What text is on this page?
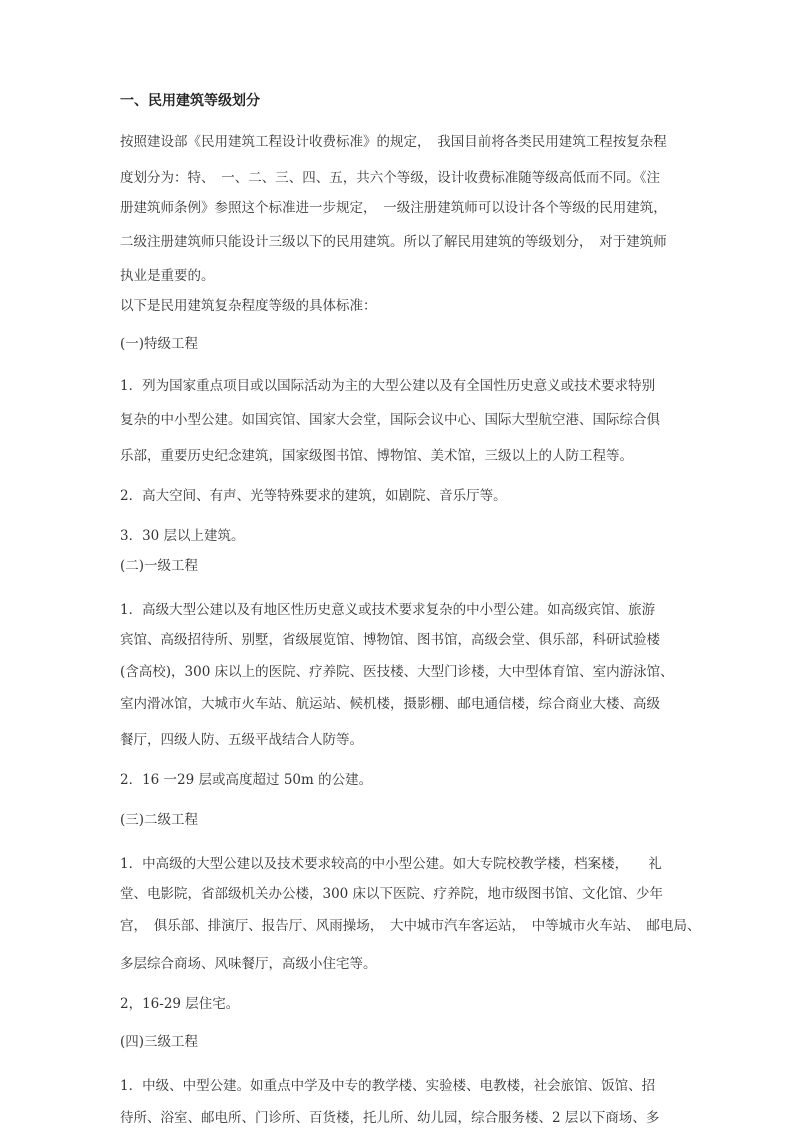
一、民用建筑等级划分
按照建设部《民用建筑工程设计收费标准》的规定，　我国目前将各类民用建筑工程按复杂程
度划分为：特、　一、二、三、四、五，共六个等级，设计收费标准随等级高低而不同。《注
册建筑师条例》参照这个标准进一步规定，　一级注册建筑师可以设计各个等级的民用建筑，
二级注册建筑师只能设计三级以下的民用建筑。所以了解民用建筑的等级划分，　对于建筑师
执业是重要的。
以下是民用建筑复杂程度等级的具体标准：
(一)特级工程
1．列为国家重点项目或以国际活动为主的大型公建以及有全国性历史意义或技术要求特别
复杂的中小型公建。如国宾馆、国家大会堂，国际会议中心、国际大型航空港、国际综合俱
乐部，重要历史纪念建筑，国家级图书馆、博物馆、美术馆，三级以上的人防工程等。
2．高大空间、有声、光等特殊要求的建筑，如剧院、音乐厅等。
3．30 层以上建筑。
(二)一级工程
1．高级大型公建以及有地区性历史意义或技术要求复杂的中小型公建。如高级宾馆、旅游
宾馆、高级招待所、别墅，省级展览馆、博物馆、图书馆，高级会堂、俱乐部，科研试验楼
(含高校)，300 床以上的医院、疗养院、医技楼、大型门诊楼，大中型体育馆、室内游泳馆、
室内滑冰馆，大城市火车站、航运站、候机楼，摄影棚、邮电通信楼，综合商业大楼、高级
餐厅，四级人防、五级平战结合人防等。
2．16 一29 层或高度超过 50m 的公建。
(三)二级工程
1．中高级的大型公建以及技术要求较高的中小型公建。如大专院校教学楼，档案楼，　　礼
堂、电影院，省部级机关办公楼，300 床以下医院、疗养院，地市级图书馆、文化馆、少年
宫，　俱乐部、排演厅、报告厅、风雨操场，　大中城市汽车客运站，　中等城市火车站、　邮电局、
多层综合商场、风味餐厅，高级小住宅等。
2，16-29 层住宅。
(四)三级工程
1．中级、中型公建。如重点中学及中专的教学楼、实验楼、电教楼，社会旅馆、饭馆、招
待所、浴室、邮电所、门诊所、百货楼，托儿所、幼儿园，综合服务楼、2 层以下商场、多
